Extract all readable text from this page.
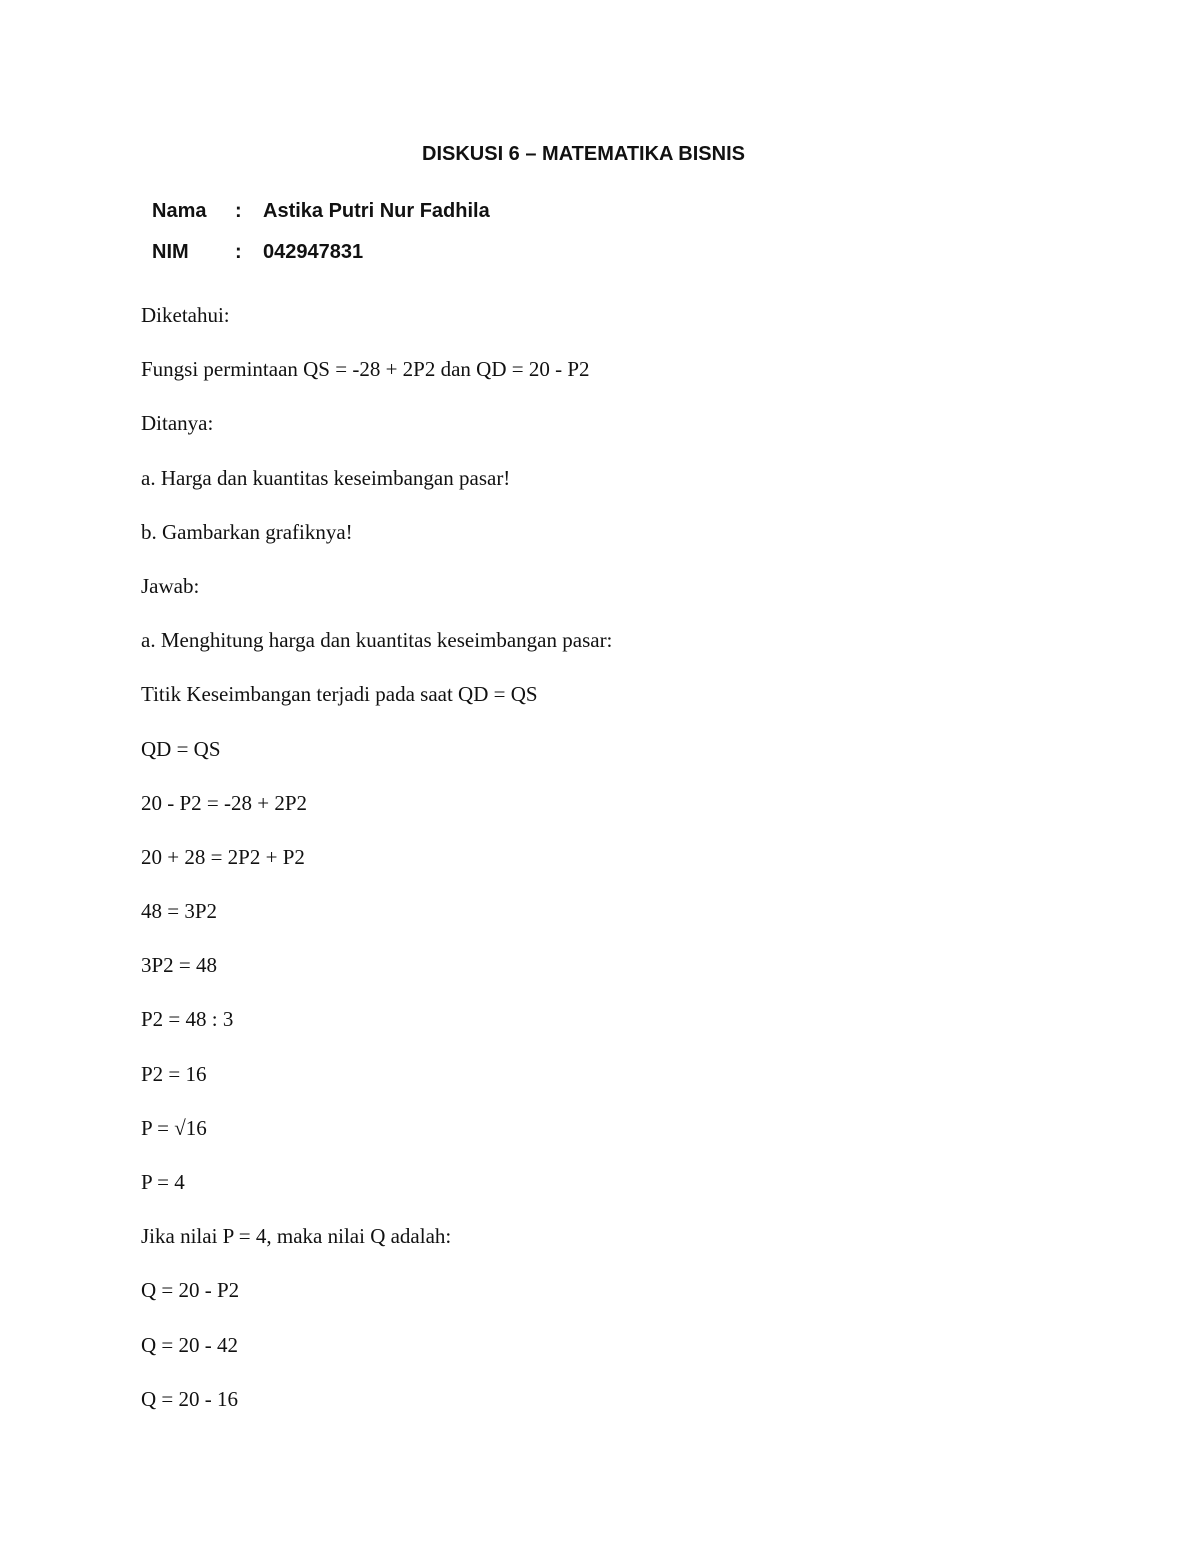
DISKUSI 6 – MATEMATIKA BISNIS
Nama : Astika Putri Nur Fadhila
NIM : 042947831
Diketahui:
Fungsi permintaan QS = -28 + 2P2 dan QD = 20 - P2
Ditanya:
a. Harga dan kuantitas keseimbangan pasar!
b. Gambarkan grafiknya!
Jawab:
a. Menghitung harga dan kuantitas keseimbangan pasar:
Titik Keseimbangan terjadi pada saat QD = QS
QD = QS
20 - P2 = -28 + 2P2
20 + 28 = 2P2 + P2
48 = 3P2
3P2 = 48
P2 = 48 : 3
P2 = 16
P = √16
P = 4
Jika nilai P = 4, maka nilai Q adalah:
Q = 20 - P2
Q = 20 - 42
Q = 20 - 16
